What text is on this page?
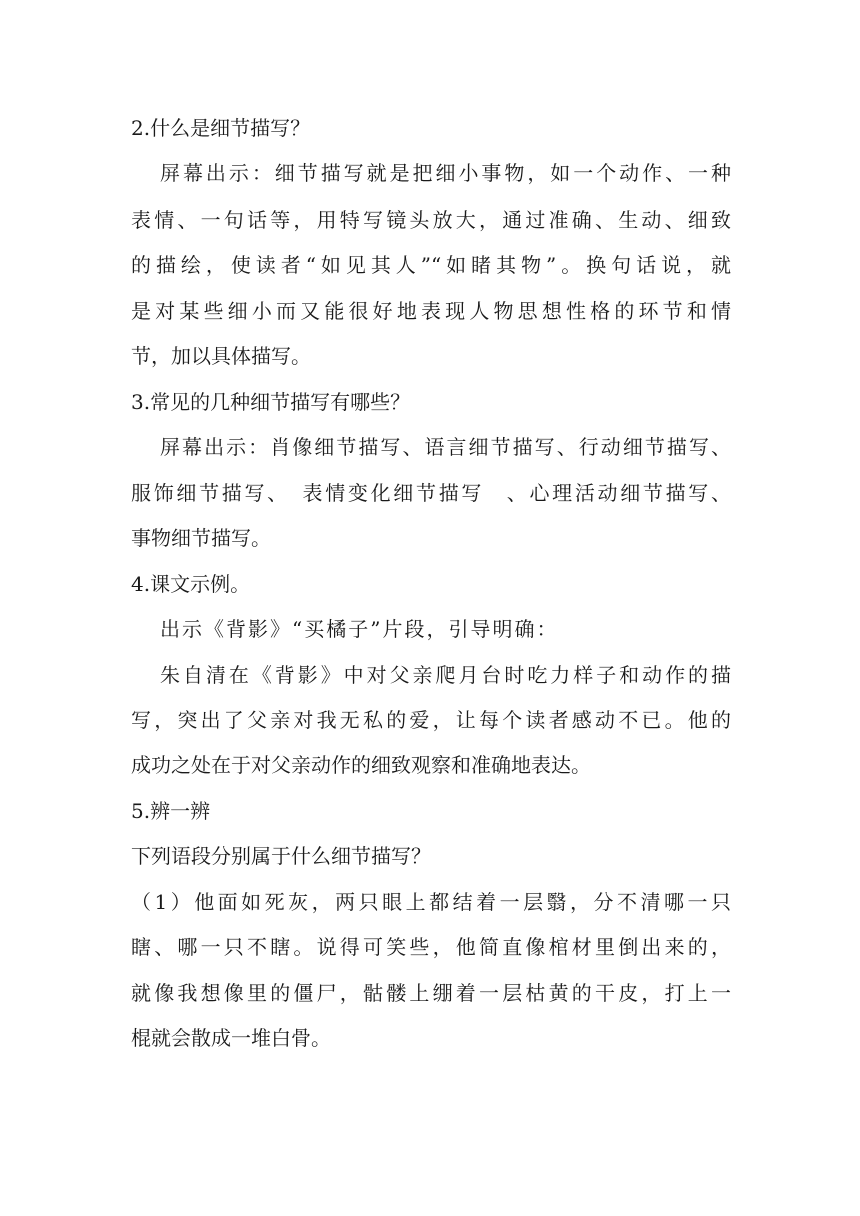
2.什么是细节描写？
屏幕出示：细节描写就是把细小事物，如一个动作、一种
表情、一句话等，用特写镜头放大，通过准确、生动、细致
的描绘，使读者“如见其人”“如睹其物”。换句话说，就
是对某些细小而又能很好地表现人物思想性格的环节和情
节，加以具体描写。
3.常见的几种细节描写有哪些？
屏幕出示：肖像细节描写、语言细节描写、行动细节描写、
服饰细节描写、　表情变化细节描写　、心理活动细节描写、
事物细节描写。
4.课文示例。
出示《背影》“买橘子”片段，引导明确：
朱自清在《背影》中对父亲爬月台时吃力样子和动作的描
写，突出了父亲对我无私的爱，让每个读者感动不已。他的
成功之处在于对父亲动作的细致观察和准确地表达。
5.辨一辨
下列语段分别属于什么细节描写？
（1）他面如死灰，两只眼上都结着一层翳，分不清哪一只
瞎、哪一只不瞎。说得可笑些，他简直像棺材里倒出来的，
就像我想像里的僵尸，骷髅上绷着一层枯黄的干皮，打上一
棍就会散成一堆白骨。
